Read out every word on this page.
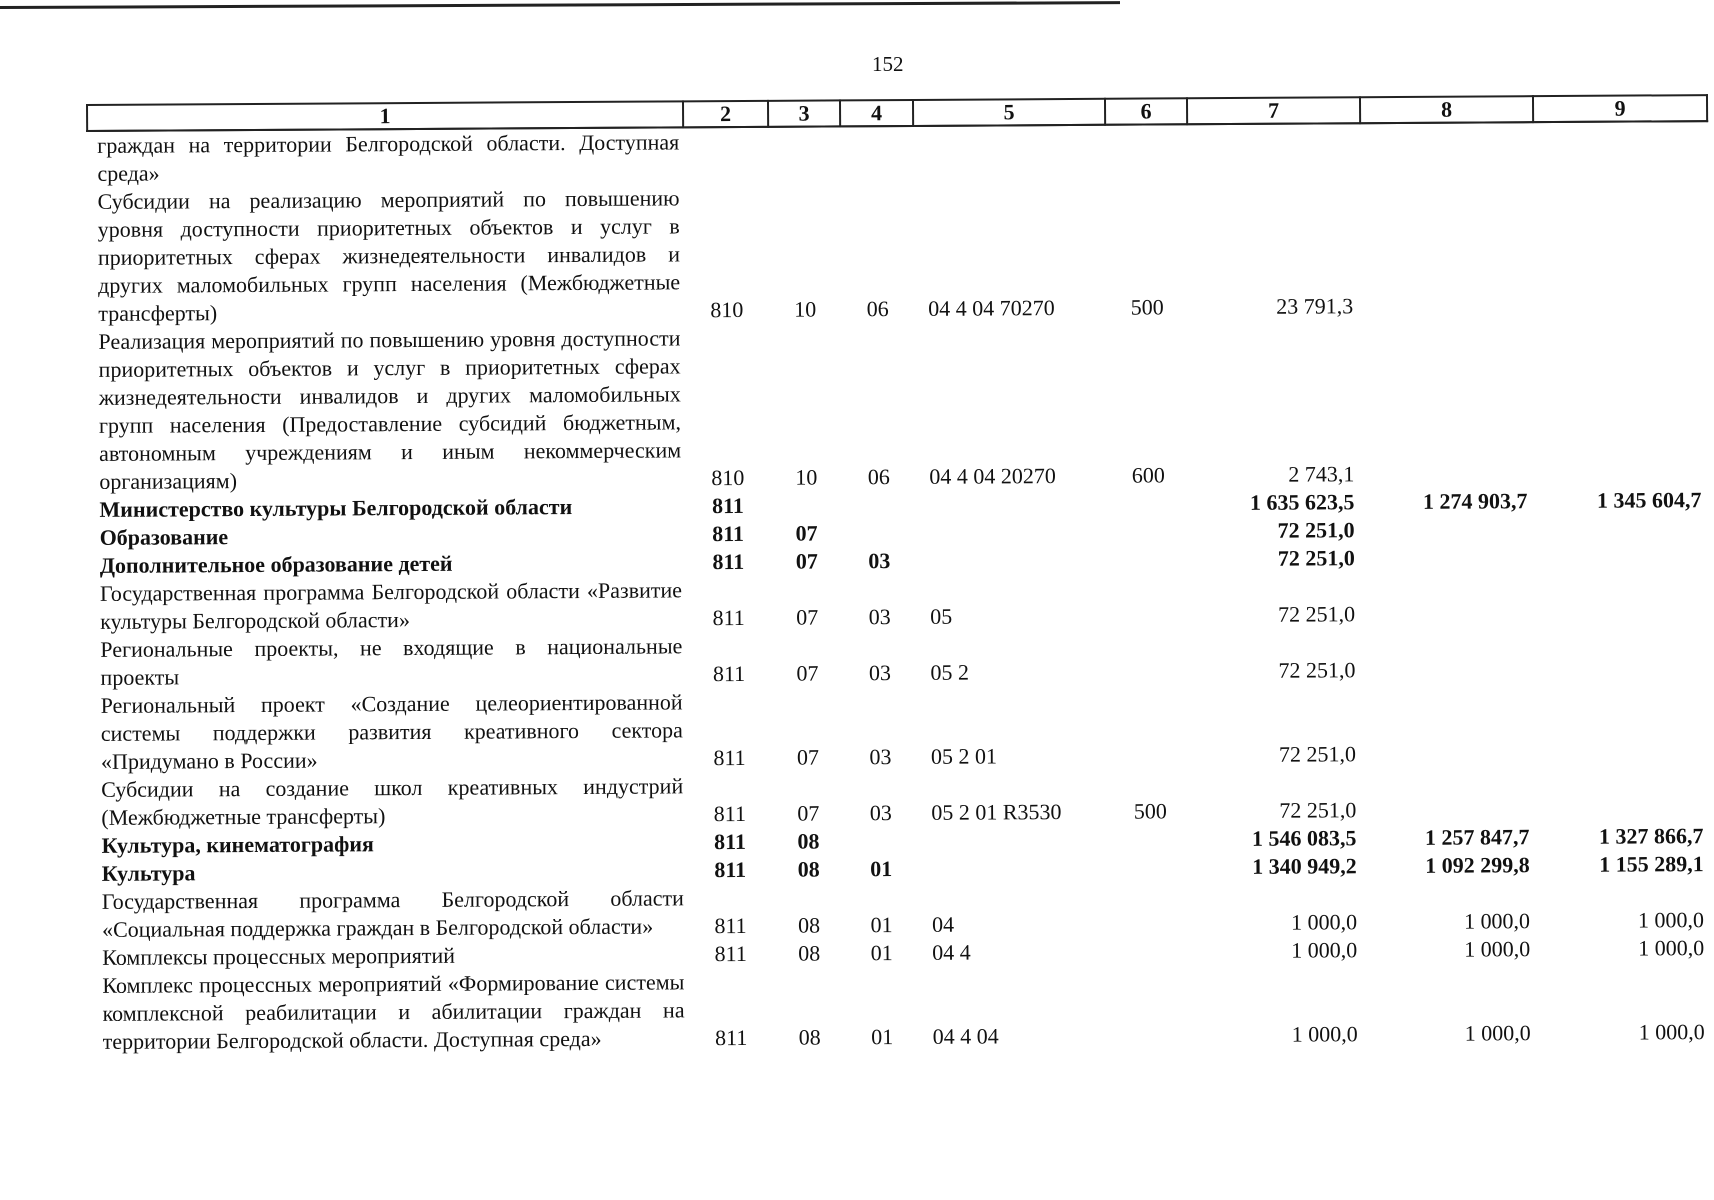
152
1	2	3	4	5	6	7	8	9
граждан на территории Белгородской области. Доступная среда»								
Субсидии на реализацию мероприятий по повышению уровня доступности приоритетных объектов и услуг в приоритетных сферах жизнедеятельности инвалидов и других маломобильных групп населения (Межбюджетные трансферты)	810	10	06	04 4 04 70270	500	23 791,3		
Реализация мероприятий по повышению уровня доступности приоритетных объектов и услуг в приоритетных сферах жизнедеятельности инвалидов и других маломобильных групп населения (Предоставление субсидий бюджетным, автономным учреждениям и иным некоммерческим организациям)	810	10	06	04 4 04 20270	600	2 743,1		
Министерство культуры Белгородской области	811					1 635 623,5	1 274 903,7	1 345 604,7
Образование	811	07				72 251,0		
Дополнительное образование детей	811	07	03			72 251,0		
Государственная программа Белгородской области «Развитие культуры Белгородской области»	811	07	03	05		72 251,0		
Региональные проекты, не входящие в национальные проекты	811	07	03	05 2		72 251,0		
Региональный проект «Создание целеориентированной системы поддержки развития креативного сектора «Придумано в России»	811	07	03	05 2 01		72 251,0		
Субсидии на создание школ креативных индустрий (Межбюджетные трансферты)	811	07	03	05 2 01 R3530	500	72 251,0		
Культура, кинематография	811	08				1 546 083,5	1 257 847,7	1 327 866,7
Культура	811	08	01			1 340 949,2	1 092 299,8	1 155 289,1
Государственная программа Белгородской области «Социальная поддержка граждан в Белгородской области»	811	08	01	04		1 000,0	1 000,0	1 000,0
Комплексы процессных мероприятий	811	08	01	04 4		1 000,0	1 000,0	1 000,0
Комплекс процессных мероприятий «Формирование системы комплексной реабилитации и абилитации граждан на территории Белгородской области. Доступная среда»	811	08	01	04 4 04		1 000,0	1 000,0	1 000,0
